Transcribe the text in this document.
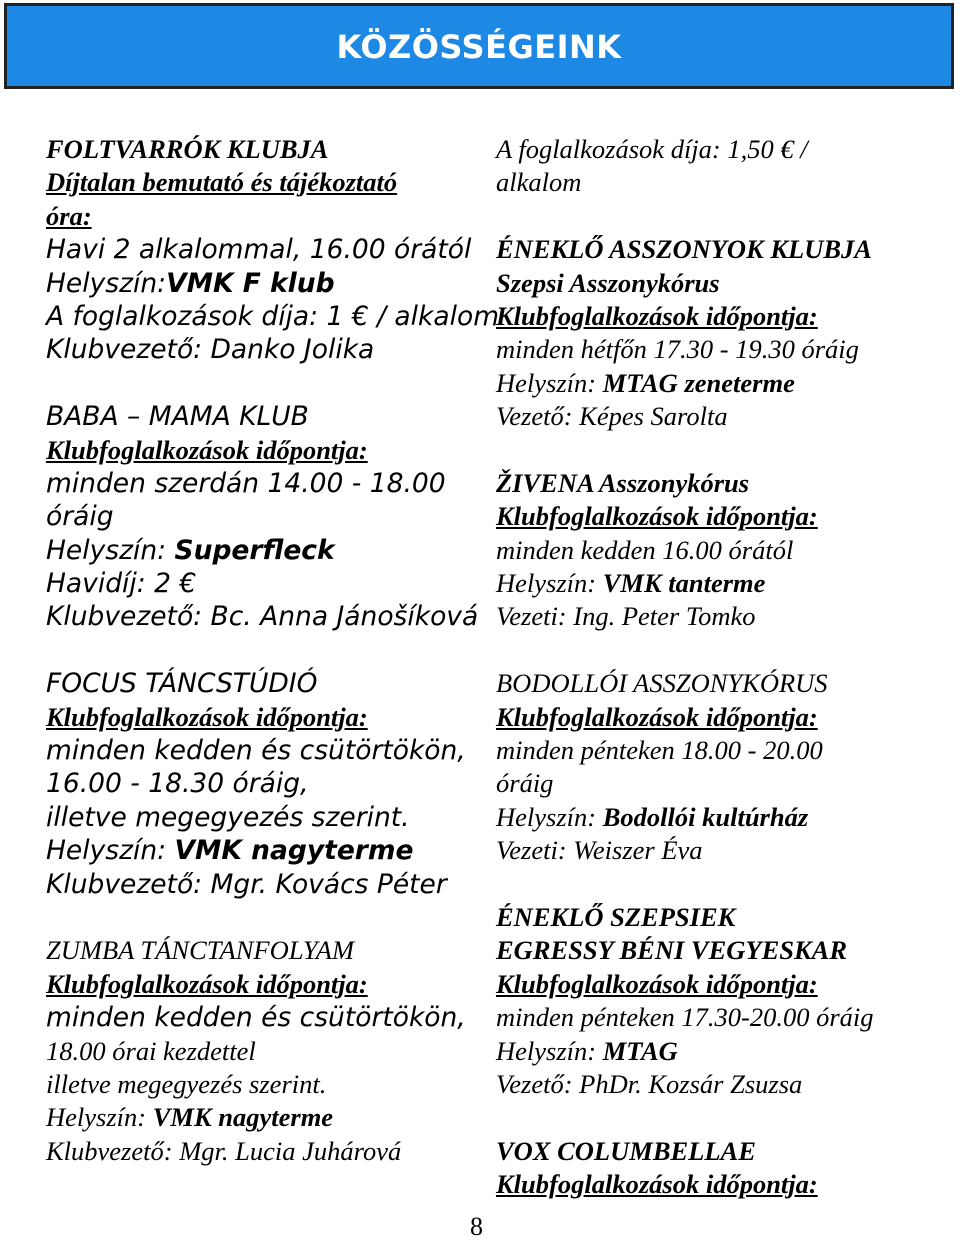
KÖZÖSSÉGEINK
FOLTVARRÓK KLUBJA
Díjtalan bemutató és tájékoztató
óra:
Havi 2 alkalommal, 16.00 órától
Helyszín:VMK F klub
A foglalkozások díja: 1 € / alkalom
Klubvezető: Danko Jolika
BABA – MAMA KLUB
Klubfoglalkozások időpontja:
minden szerdán 14.00 - 18.00
óráig
Helyszín: Superfleck
Havidíj: 2 €
Klubvezető: Bc. Anna Jánošíková
FOCUS TÁNCSTÚDIÓ
Klubfoglalkozások időpontja:
minden kedden és csütörtökön,
16.00 - 18.30 óráig,
illetve megegyezés szerint.
Helyszín: VMK nagyterme
Klubvezető: Mgr. Kovács Péter
ZUMBA TÁNCTANFOLYAM
Klubfoglalkozások időpontja:
minden kedden és csütörtökön,
18.00 órai kezdettel
illetve megegyezés szerint.
Helyszín: VMK nagyterme
Klubvezető: Mgr. Lucia Juhárová
A foglalkozások díja: 1,50 € /
alkalom
ÉNEKLŐ ASSZONYOK KLUBJA
Szepsi Asszonykórus
Klubfoglalkozások időpontja:
minden hétfőn 17.30 - 19.30 óráig
Helyszín: MTAG zeneterme
Vezető: Képes Sarolta
ŽIVENA Asszonykórus
Klubfoglalkozások időpontja:
minden kedden 16.00 órától
Helyszín: VMK tanterme
Vezeti: Ing. Peter Tomko
BODOLLÓI ASSZONYKÓRUS
Klubfoglalkozások időpontja:
minden pénteken 18.00 - 20.00
óráig
Helyszín: Bodollói kultúrház
Vezeti: Weiszer Éva
ÉNEKLŐ SZEPSIEK
EGRESSY BÉNI VEGYESKAR
Klubfoglalkozások időpontja:
minden pénteken 17.30-20.00 óráig
Helyszín: MTAG
Vezető: PhDr. Kozsár Zsuzsa
VOX COLUMBELLAE
Klubfoglalkozások időpontja:
8
